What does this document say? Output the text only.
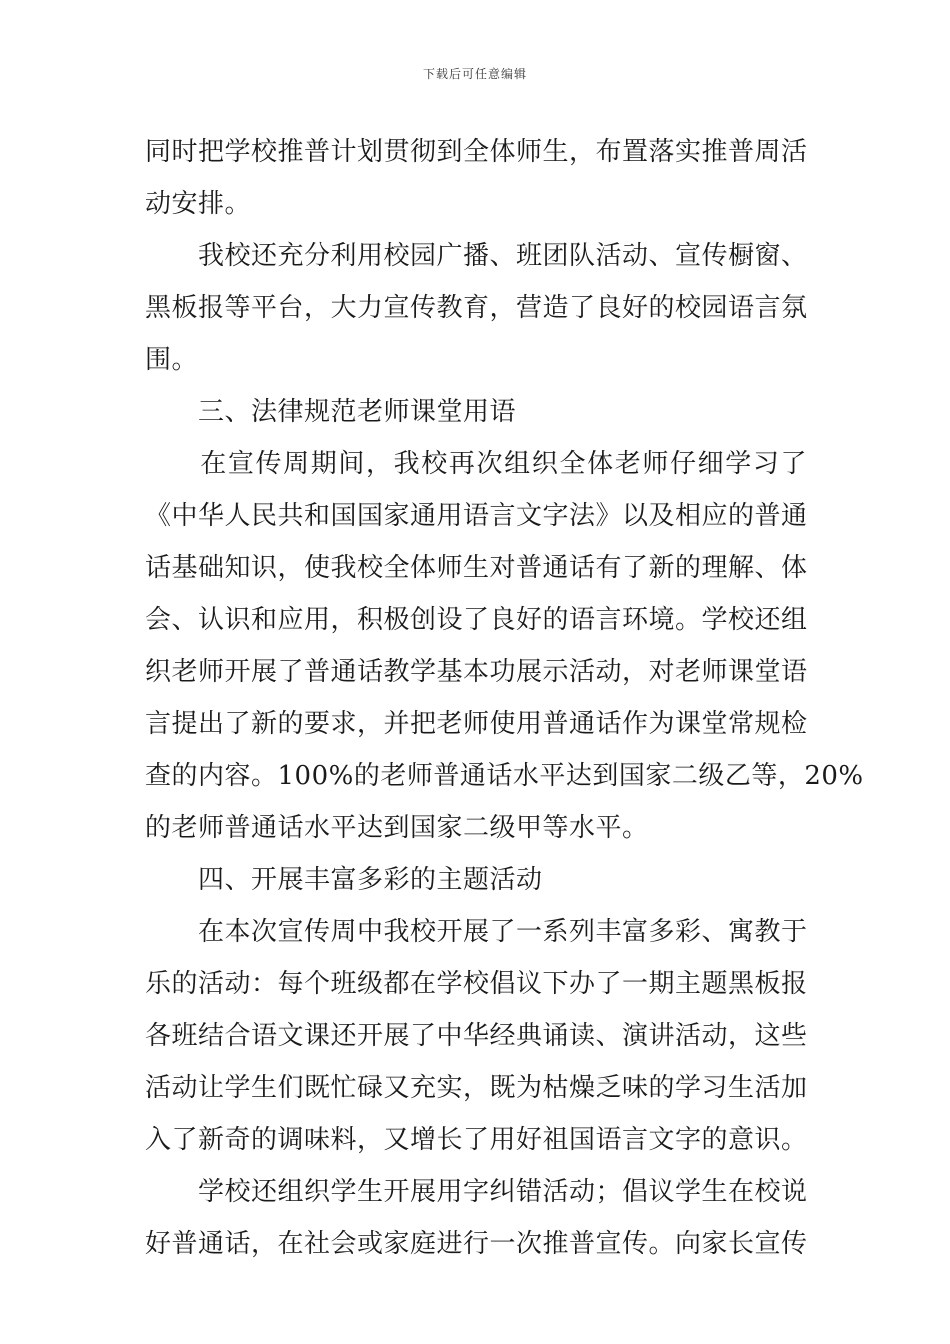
下载后可任意编辑
同时把学校推普计划贯彻到全体师生，布置落实推普周活
动安排。
　　我校还充分利用校园广播、班团队活动、宣传橱窗、
黑板报等平台，大力宣传教育，营造了良好的校园语言氛
围。
　　三、法律规范老师课堂用语
　　在宣传周期间，我校再次组织全体老师仔细学习了
《中华人民共和国国家通用语言文字法》以及相应的普通
话基础知识，使我校全体师生对普通话有了新的理解、体
会、认识和应用，积极创设了良好的语言环境。学校还组
织老师开展了普通话教学基本功展示活动，对老师课堂语
言提出了新的要求，并把老师使用普通话作为课堂常规检
查的内容。100%的老师普通话水平达到国家二级乙等，20%
的老师普通话水平达到国家二级甲等水平。
　　四、开展丰富多彩的主题活动
　　在本次宣传周中我校开展了一系列丰富多彩、寓教于
乐的活动：每个班级都在学校倡议下办了一期主题黑板报
各班结合语文课还开展了中华经典诵读、演讲活动，这些
活动让学生们既忙碌又充实，既为枯燥乏味的学习生活加
入了新奇的调味料，又增长了用好祖国语言文字的意识。
　　学校还组织学生开展用字纠错活动；倡议学生在校说
好普通话，在社会或家庭进行一次推普宣传。向家长宣传
